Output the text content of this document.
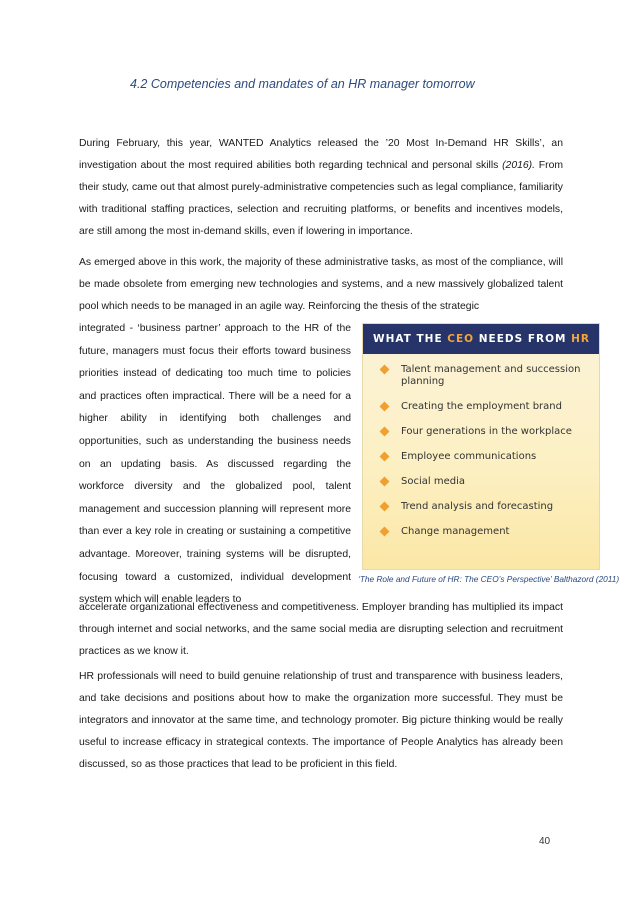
4.2 Competencies and mandates of an HR manager tomorrow
During February, this year, WANTED Analytics released the ’20 Most In-Demand HR Skills’, an investigation about the most required abilities both regarding technical and personal skills (2016). From their study, came out that almost purely-administrative competencies such as legal compliance, familiarity with traditional staffing practices, selection and recruiting platforms, or benefits and incentives models, are still among the most in-demand skills, even if lowering in importance.
As emerged above in this work, the majority of these administrative tasks, as most of the compliance, will be made obsolete from emerging new technologies and systems, and a new massively globalized talent pool which needs to be managed in an agile way. Reinforcing the thesis of the strategic
integrated - ‘business partner’ approach to the HR of the future, managers must focus their efforts toward business priorities instead of dedicating too much time to policies and practices often impractical. There will be a need for a higher ability in identifying both challenges and opportunities, such as understanding the business needs on an updating basis. As discussed regarding the workforce diversity and the globalized pool, talent management and succession planning will represent more than ever a key role in creating or sustaining a competitive advantage. Moreover, training systems will be disrupted, focusing toward a customized, individual development system which will enable leaders to
WHAT THE CEO NEEDS FROM HR
Talent management and succession planning
Creating the employment brand
Four generations in the workplace
Employee communications
Social media
Trend analysis and forecasting
Change management
‘The Role and Future of HR: The CEO’s Perspective’ Balthazord (2011)
accelerate organizational effectiveness and competitiveness. Employer branding has multiplied its impact through internet and social networks, and the same social media are disrupting selection and recruitment practices as we know it.
HR professionals will need to build genuine relationship of trust and transparence with business leaders, and take decisions and positions about how to make the organization more successful. They must be integrators and innovator at the same time, and technology promoter. Big picture thinking would be really useful to increase efficacy in strategical contexts. The importance of People Analytics has already been discussed, so as those practices that lead to be proficient in this field.
40
